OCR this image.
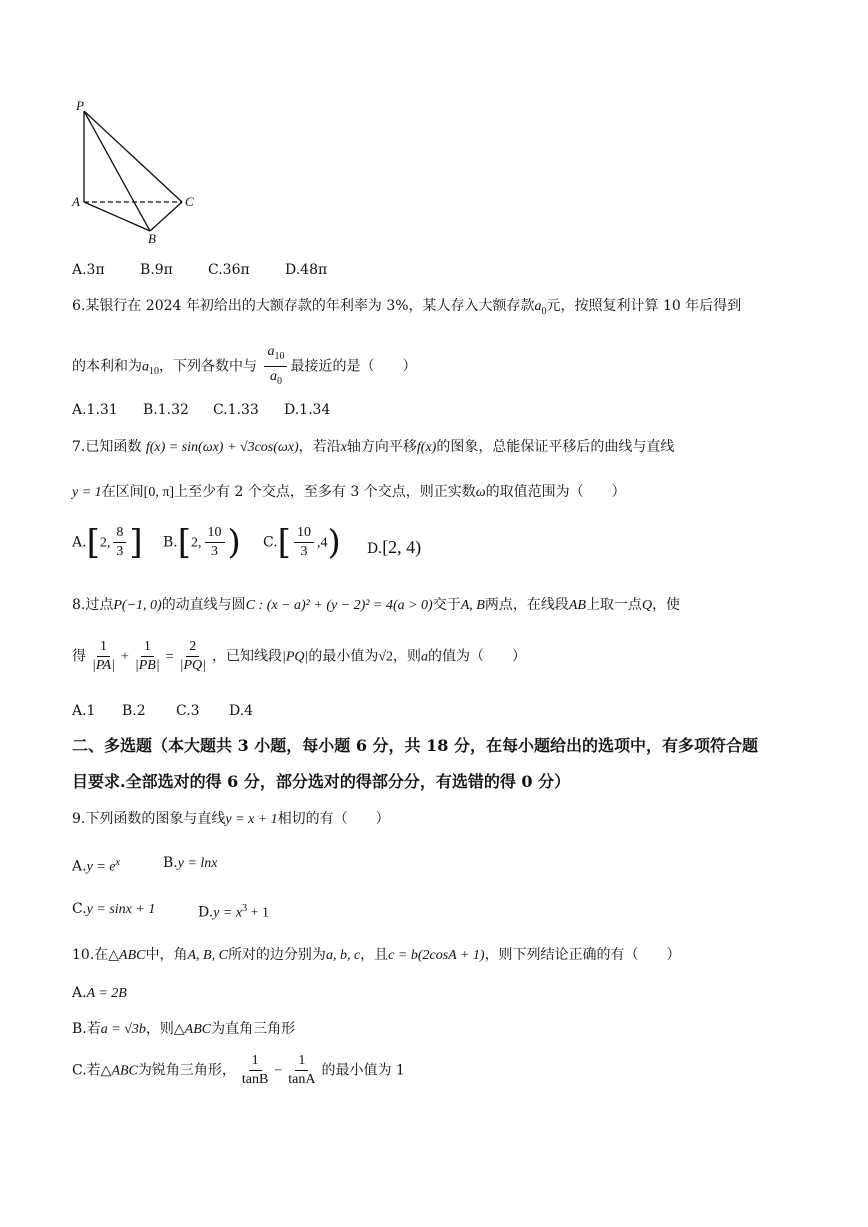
P
A	C
B
A.3π	B.9π	C.36π	D.48π
6.某银行在 2024 年初给出的大额存款的年利率为 3%，某人存入大额存款$a_0$元，按照复利计算 10 年后得到
的本利和为$a_{10}$，下列各数中与 $\frac{a_{10}}{a_0}$ 最接近的是（　　）
A.1.31 B.1.32 C.1.33 D.1.34
7.已知函数 f(x) = sin(ωx) + √3cos(ωx)，若沿x轴方向平移f(x)的图象，总能保证平移后的曲线与直线
y = 1在区间[0, π]上至少有 2 个交点，至多有 3 个交点，则正实数ω的取值范围为（　　）
A.[2, $\frac{8}{3}$ ] B.[2, $\frac{10}{3}$ ) $C.[ \frac{10}{3} ,4)$ D.[2, 4)
8.过点P(−1, 0)的动直线与圆C : (x − a)² + (y − 2)² = 4(a > 0)交于A, B两点，在线段AB上取一点Q，使
得 $\frac{1}{|PA|} + \frac{1}{|PB|} = \frac{2}{|PQ|}$ ，已知线段|PQ|的最小值为√2，则a的值为（　　）
A.1 B.2 C.3 D.4
二、多选题（本大题共 3 小题，每小题 6 分，共 18 分，在每小题给出的选项中，有多项符合题
目要求.全部选对的得 6 分，部分选对的得部分分，有选错的得 0 分）
9.下列函数的图象与直线y = x + 1相切的有（　　）
$A.y = e^x$	B.y = lnx
C.y = sinx + 1	$D.y = x^3 + 1$
10.在△ABC中，角A, B, C所对的边分别为a, b, c，且c = b(2cosA + 1)，则下列结论正确的有（　　）
A.A = 2B
B.若a = √3b，则△ABC为直角三角形
C.若△ABC为锐角三角形， $\frac{1}{\tan B} - \frac{1}{\tan A}$ 的最小值为 1
